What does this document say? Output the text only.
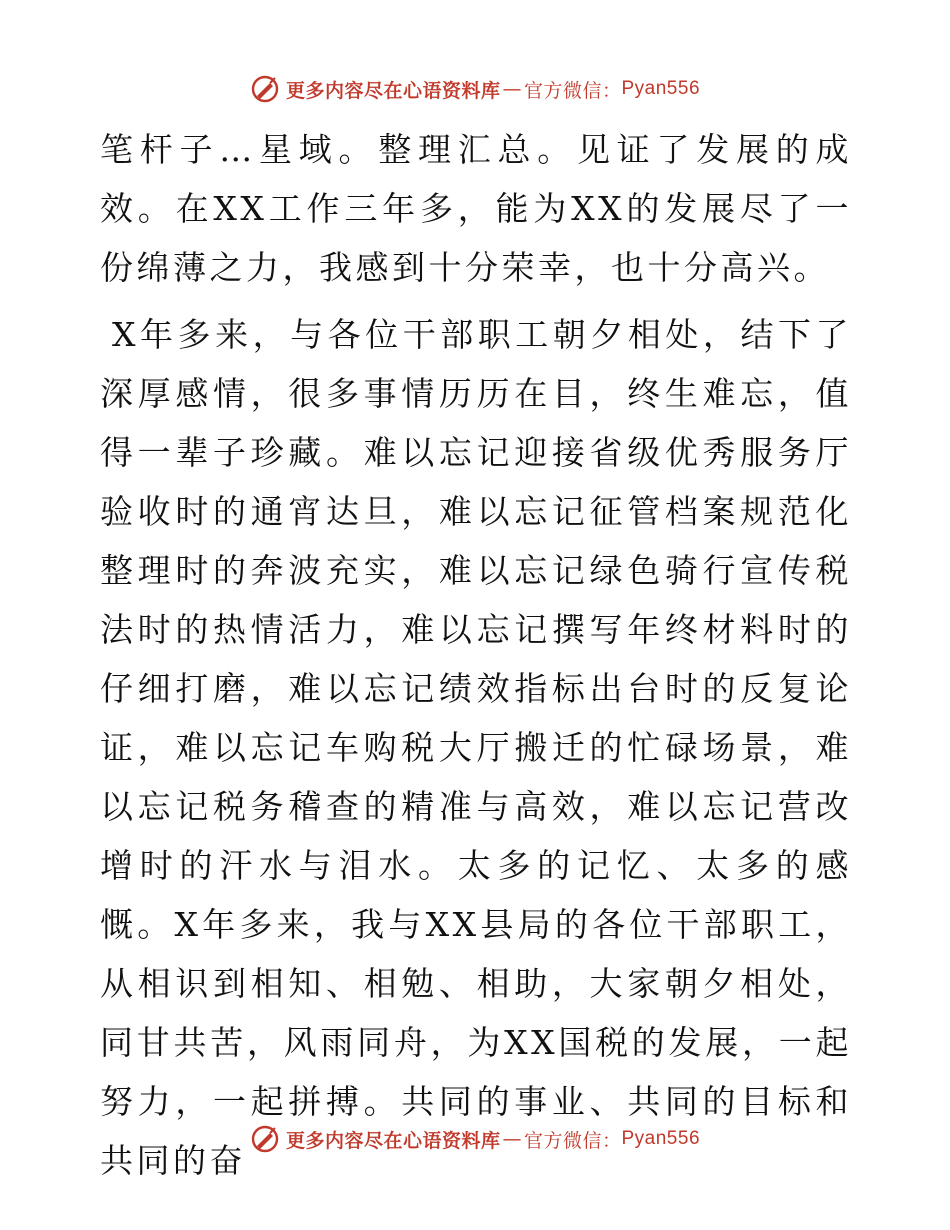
更多内容尽在心语资料库 — 官方微信： Pyan556

笔杆子…星域。整理汇总。见证了发展的成效。在XX工作三年多，能为XX的发展尽了一份绵薄之力，我感到十分荣幸，也十分高兴。

X年多来，与各位干部职工朝夕相处，结下了深厚感情，很多事情历历在目，终生难忘，值得一辈子珍藏。难以忘记迎接省级优秀服务厅验收时的通宵达旦，难以忘记征管档案规范化整理时的奔波充实，难以忘记绿色骑行宣传税法时的热情活力，难以忘记撰写年终材料时的仔细打磨，难以忘记绩效指标出台时的反复论证，难以忘记车购税大厅搬迁的忙碌场景，难以忘记税务稽查的精准与高效，难以忘记营改增时的汗水与泪水。太多的记忆、太多的感慨。X年多来，我与XX县局的各位干部职工，从相识到相知、相勉、相助，大家朝夕相处，同甘共苦，风雨同舟，为XX国税的发展，一起努力，一起拼搏。共同的事业、共同的目标和共同的奋

更多内容尽在心语资料库 — 官方微信： Pyan556
